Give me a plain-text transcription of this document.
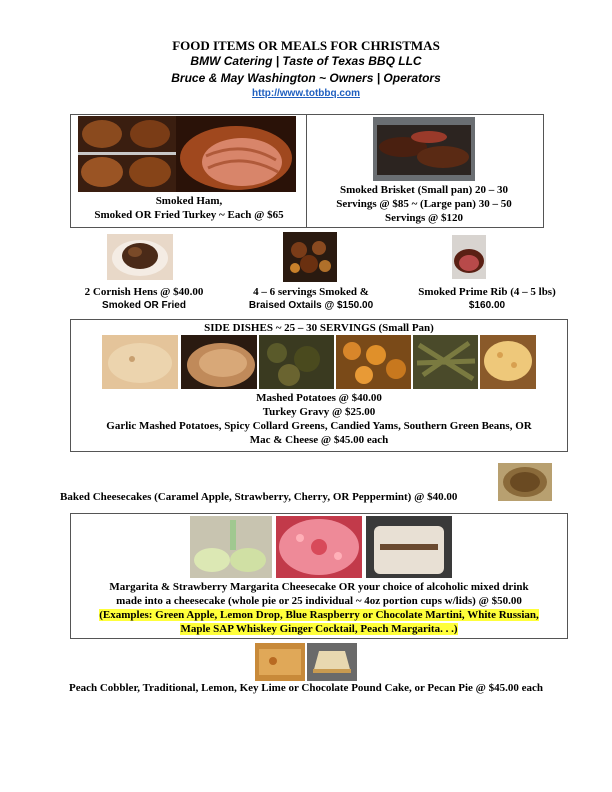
FOOD ITEMS OR MEALS FOR CHRISTMAS
BMW Catering | Taste of Texas BBQ LLC
Bruce & May Washington ~ Owners | Operators
http://www.totbbq.com
Smoked Ham,
Smoked OR Fried Turkey ~ Each @ $65
Smoked Brisket (Small pan) 20 – 30
Servings @ $85 ~ (Large pan) 30 – 50
Servings @ $120
2 Cornish Hens @ $40.00
Smoked OR Fried
4 – 6 servings Smoked &
Braised Oxtails @ $150.00
Smoked Prime Rib (4 – 5 lbs)
$160.00
SIDE DISHES ~ 25 – 30 SERVINGS (Small Pan)
Mashed Potatoes @ $40.00
Turkey Gravy @ $25.00
Garlic Mashed Potatoes, Spicy Collard Greens, Candied Yams, Southern Green Beans, OR
Mac & Cheese @ $45.00 each
Baked Cheesecakes (Caramel Apple, Strawberry, Cherry, OR Peppermint) @ $40.00
Margarita & Strawberry Margarita Cheesecake OR your choice of alcoholic mixed drink
made into a cheesecake (whole pie or 25 individual ~ 4oz portion cups w/lids) @ $50.00
(Examples: Green Apple, Lemon Drop, Blue Raspberry or Chocolate Martini, White Russian,
Maple SAP Whiskey Ginger Cocktail, Peach Margarita. . .)
Peach Cobbler, Traditional, Lemon, Key Lime or Chocolate Pound Cake, or Pecan Pie @ $45.00 each
